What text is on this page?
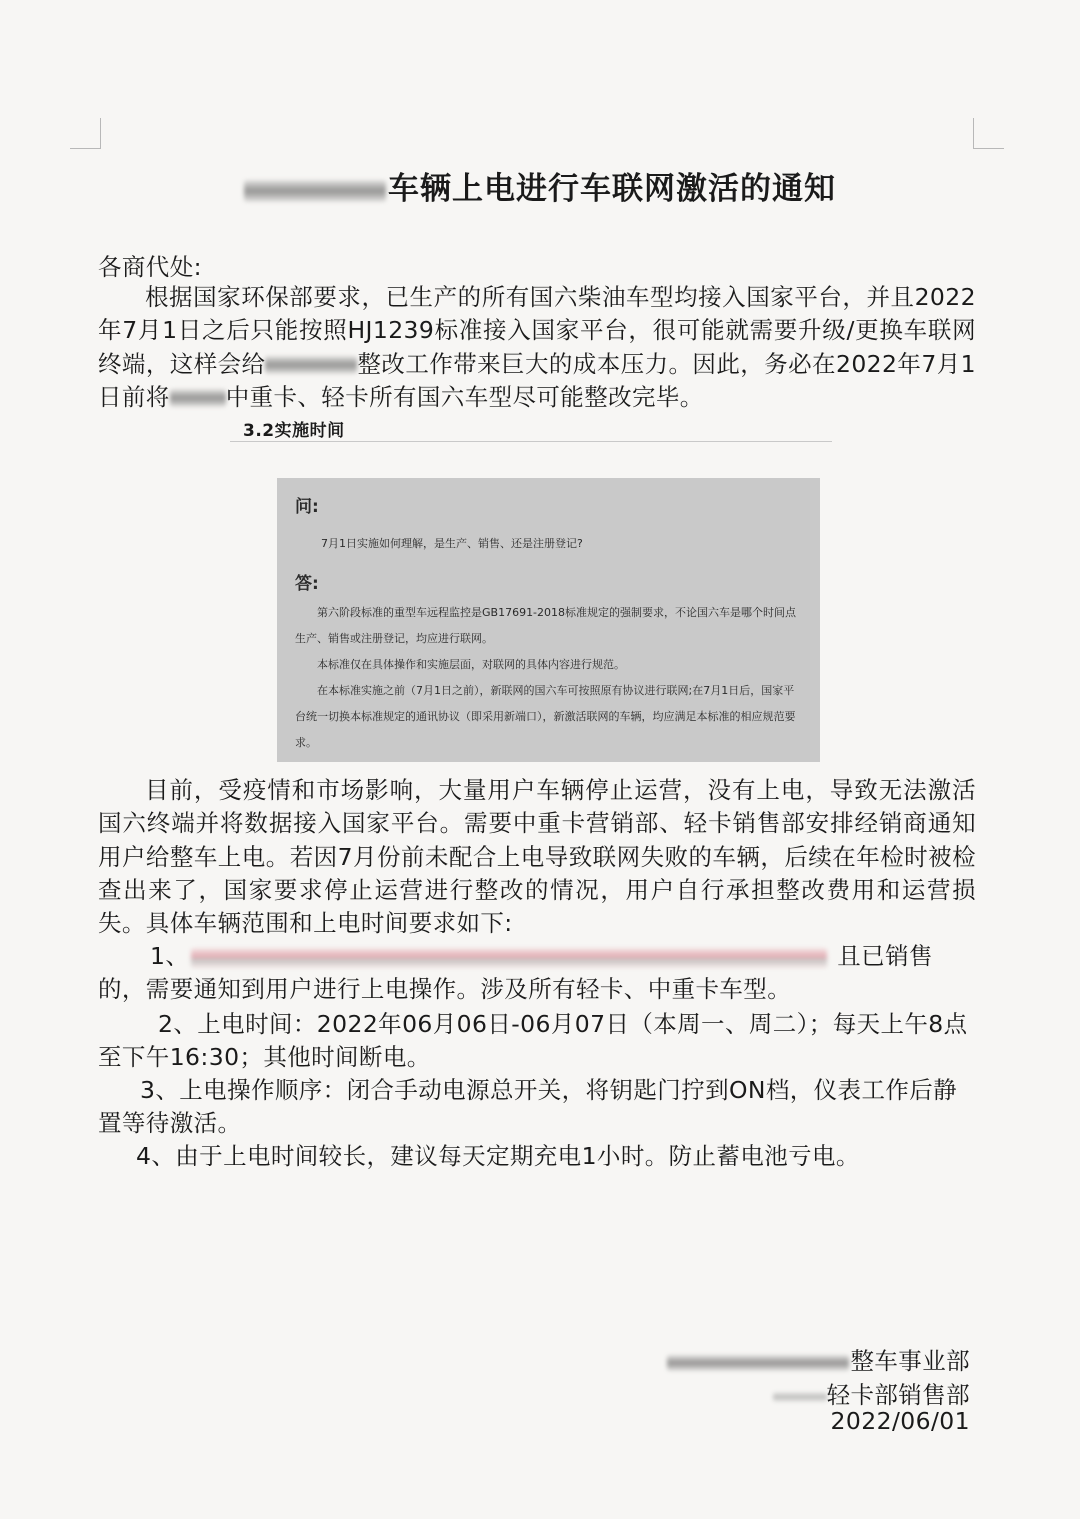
车辆上电进行车联网激活的通知
各商代处:
根据国家环保部要求，已生产的所有国六柴油车型均接入国家平台，并且2022年7月1日之后只能按照HJ1239标准接入国家平台，很可能就需要升级/更换车联网终端，这样会给	整改工作带来巨大的成本压力。因此，务必在2022年7月1日前将 中重卡、轻卡所有国六车型尽可能整改完毕。
3.2实施时间
问:
7月1日实施如何理解，是生产、销售、还是注册登记?
答:
第六阶段标准的重型车远程监控是GB17691-2018标准规定的强制要求，不论国六车是哪个时间点生产、销售或注册登记，均应进行联网。
本标准仅在具体操作和实施层面，对联网的具体内容进行规范。
在本标准实施之前（7月1日之前），新联网的国六车可按照原有协议进行联网;在7月1日后，国家平台统一切换本标准规定的通讯协议（即采用新端口），新激活联网的车辆，均应满足本标准的相应规范要求。
目前，受疫情和市场影响，大量用户车辆停止运营，没有上电，导致无法激活国六终端并将数据接入国家平台。需要中重卡营销部、轻卡销售部安排经销商通知用户给整车上电。若因7月份前未配合上电导致联网失败的车辆，后续在年检时被检查出来了，国家要求停止运营进行整改的情况，用户自行承担整改费用和运营损失。具体车辆范围和上电时间要求如下:
1、	且已销售的，需要通知到用户进行上电操作。涉及所有轻卡、中重卡车型。
2、上电时间：2022年06月06日-06月07日（本周一、周二）；每天上午8点至下午16:30；其他时间断电。
3、上电操作顺序：闭合手动电源总开关，将钥匙门拧到ON档，仪表工作后静置等待激活。
4、由于上电时间较长，建议每天定期充电1小时。防止蓄电池亏电。
整车事业部
轻卡部销售部
2022/06/01
